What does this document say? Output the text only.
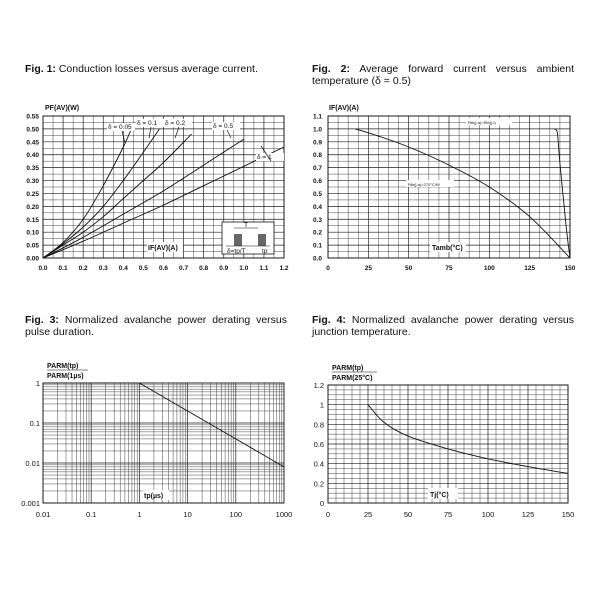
Fig. 1: Conduction losses versus average current.	Fig. 2: Average forward current versus ambient temperature (δ = 0.5)
Fig. 3: Normalized avalanche power derating versus pulse duration.
Fig. 4: Normalized avalanche power derating versus junction temperature.
0.0 0.1 0.2 0.3 0.4 0.5 0.6 0.7 0.8 0.9 1.0 1.1 1.2
0.00
0.05
0.10
0.15
0.20
0.25
0.30
0.35
0.40
0.45
0.50
0.55
PF(AV)(W)
IF(AV)(A)
δ = 0.05
δ = 0.1 δ = 0.2	δ = 0.5
δ = 1
T
δ=tp/T	tp
0	25	50	75	100	125	150
0.0
0.1
0.2
0.3
0.4
0.5
0.6
0.7
0.8
0.9
1.0
1.1
IF(AV)(A)
Tamb(°C)
Rth(j-a)=Rth(j-l)
Rth(j-a)=270°C/W
0.01	0.1	1	10	100	1000
0.001
0.01
0.1
1
PARM(tp)
PARM(1µs)
tp(µs)
0	25	50	75	100	125	150
0
0.2
0.4
0.6
0.8
1
1.2
PARM(tp)
PARM(25°C)
Tj(°C)
